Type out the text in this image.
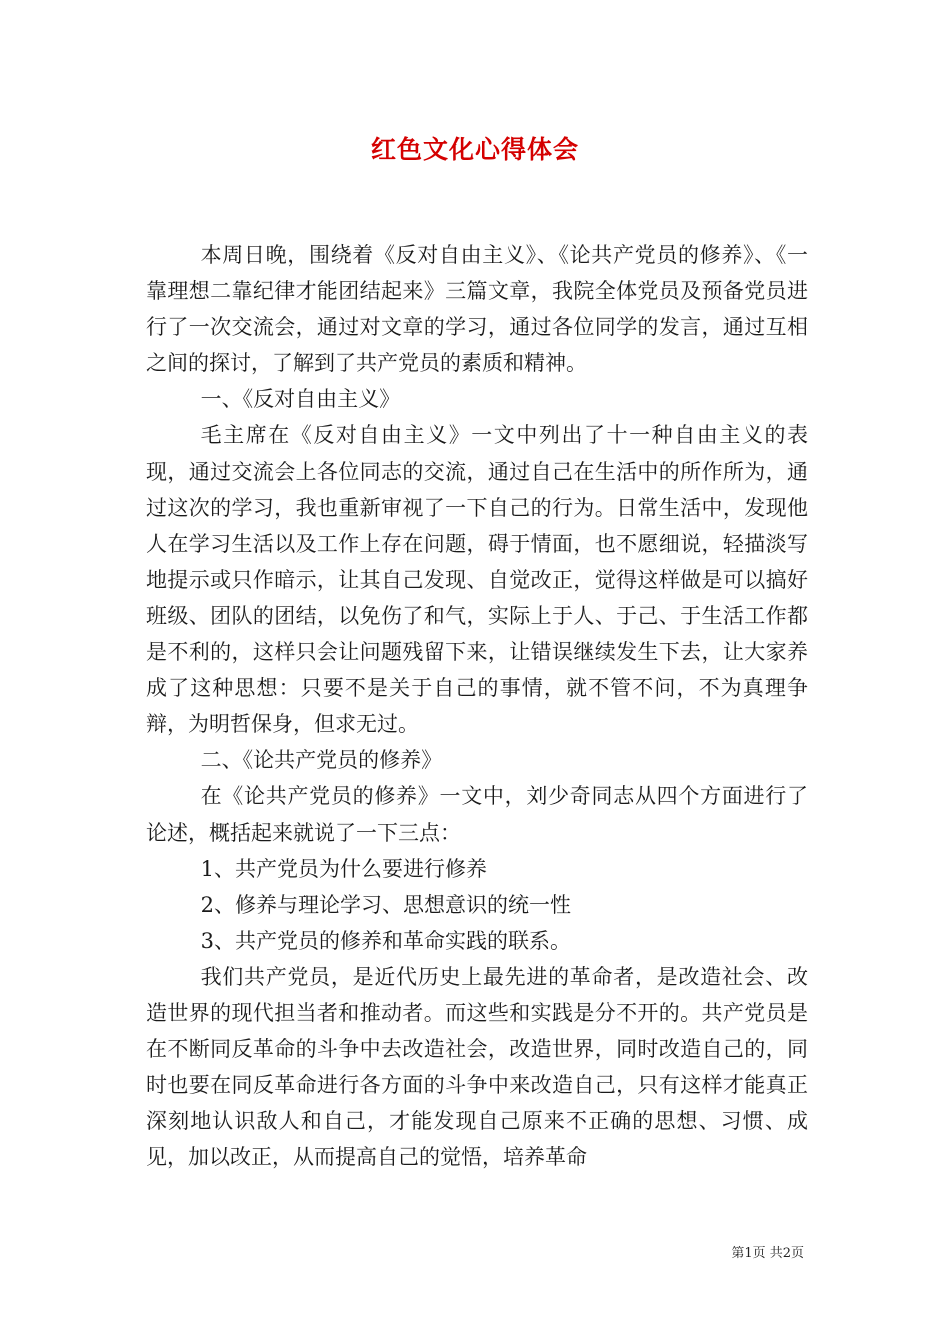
红色文化心得体会

本周日晚，围绕着《反对自由主义》、《论共产党员的修养》、《一靠理想二靠纪律才能团结起来》三篇文章，我院全体党员及预备党员进行了一次交流会，通过对文章的学习，通过各位同学的发言，通过互相之间的探讨，了解到了共产党员的素质和精神。

一、《反对自由主义》

毛主席在《反对自由主义》一文中列出了十一种自由主义的表现，通过交流会上各位同志的交流，通过自己在生活中的所作所为，通过这次的学习，我也重新审视了一下自己的行为。日常生活中，发现他人在学习生活以及工作上存在问题，碍于情面，也不愿细说，轻描淡写地提示或只作暗示，让其自己发现、自觉改正，觉得这样做是可以搞好班级、团队的团结，以免伤了和气，实际上于人、于己、于生活工作都是不利的，这样只会让问题残留下来，让错误继续发生下去，让大家养成了这种思想：只要不是关于自己的事情，就不管不问，不为真理争辩，为明哲保身，但求无过。

二、《论共产党员的修养》

在《论共产党员的修养》一文中，刘少奇同志从四个方面进行了论述，概括起来就说了一下三点：

1、共产党员为什么要进行修养

2、修养与理论学习、思想意识的统一性

3、共产党员的修养和革命实践的联系。

我们共产党员，是近代历史上最先进的革命者，是改造社会、改造世界的现代担当者和推动者。而这些和实践是分不开的。共产党员是在不断同反革命的斗争中去改造社会，改造世界，同时改造自己的，同时也要在同反革命进行各方面的斗争中来改造自己，只有这样才能真正深刻地认识敌人和自己，才能发现自己原来不正确的思想、习惯、成见，加以改正，从而提高自己的觉悟，培养革命

第1页 共2页
